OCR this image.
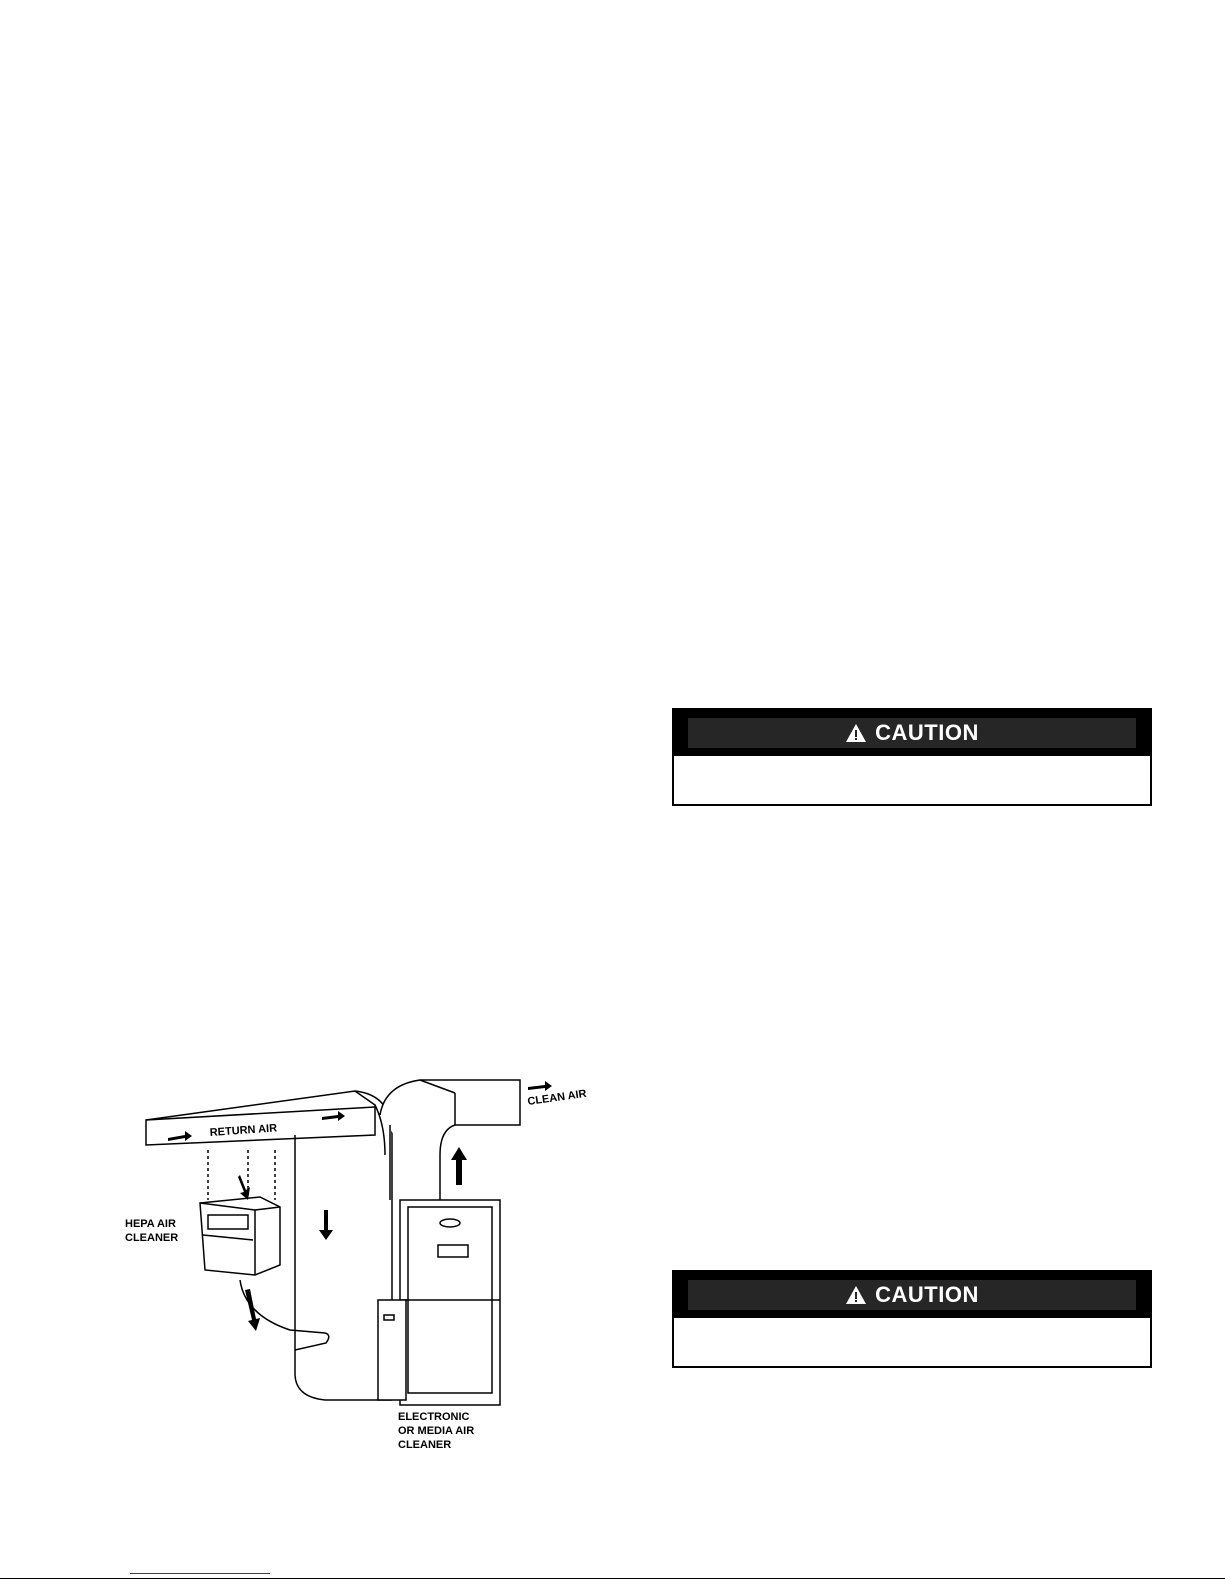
CAUTION
CAUTION
RETURN AIR
CLEAN AIR
HEPA AIR
CLEANER
ELECTRONIC
OR MEDIA AIR
CLEANER
